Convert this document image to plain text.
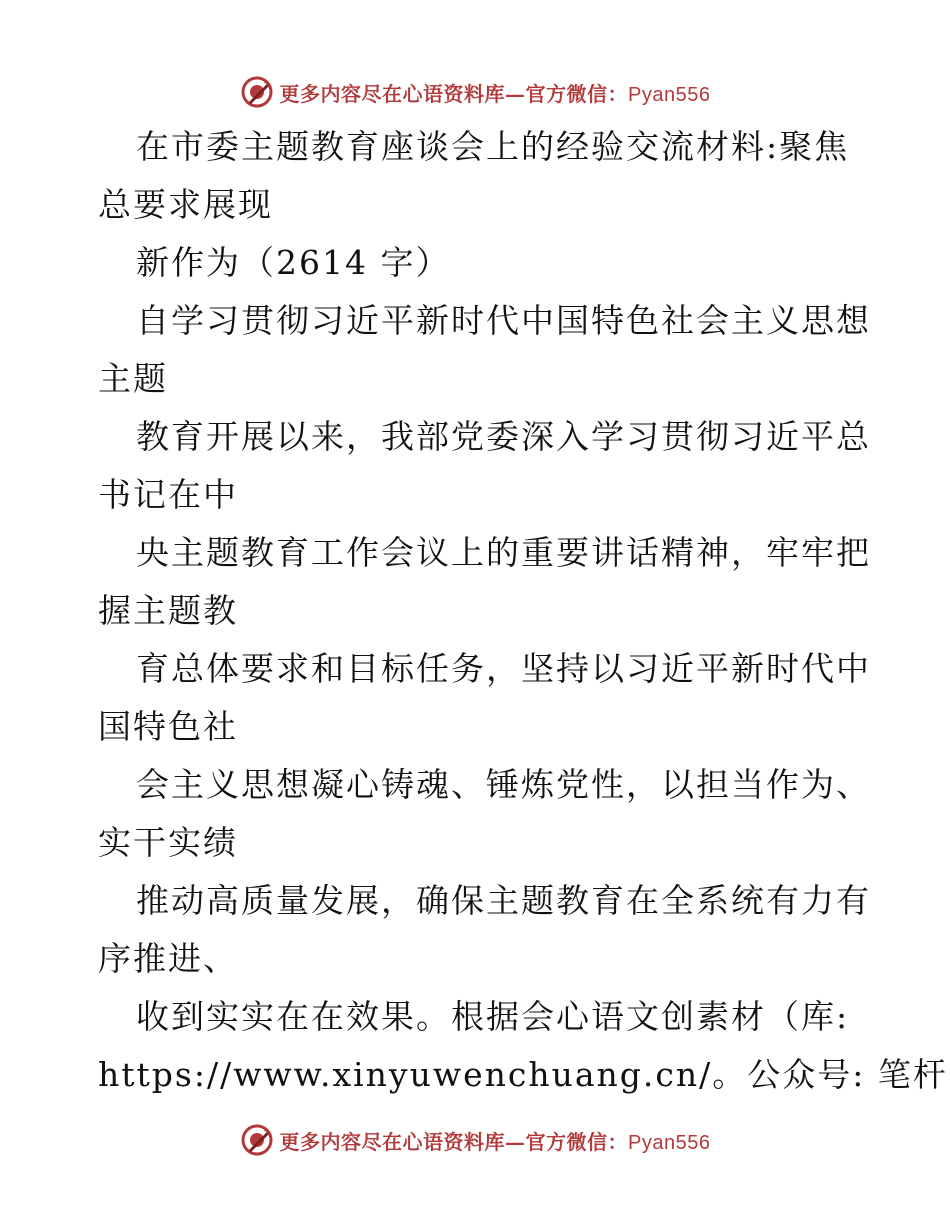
更多内容尽在心语资料库—官方微信：Pyan556
在市委主题教育座谈会上的经验交流材料:聚焦
总要求展现
新作为（2614 字）
自学习贯彻习近平新时代中国特色社会主义思想
主题
教育开展以来，我部党委深入学习贯彻习近平总
书记在中
央主题教育工作会议上的重要讲话精神，牢牢把
握主题教
育总体要求和目标任务，坚持以习近平新时代中
国特色社
会主义思想凝心铸魂、锤炼党性，以担当作为、
实干实绩
推动高质量发展，确保主题教育在全系统有力有
序推进、
收到实实在在效果。根据会心语文创素材（库:
https://www.xinyuwenchuang.cn/。公众号: 笔杆
更多内容尽在心语资料库—官方微信：Pyan556
